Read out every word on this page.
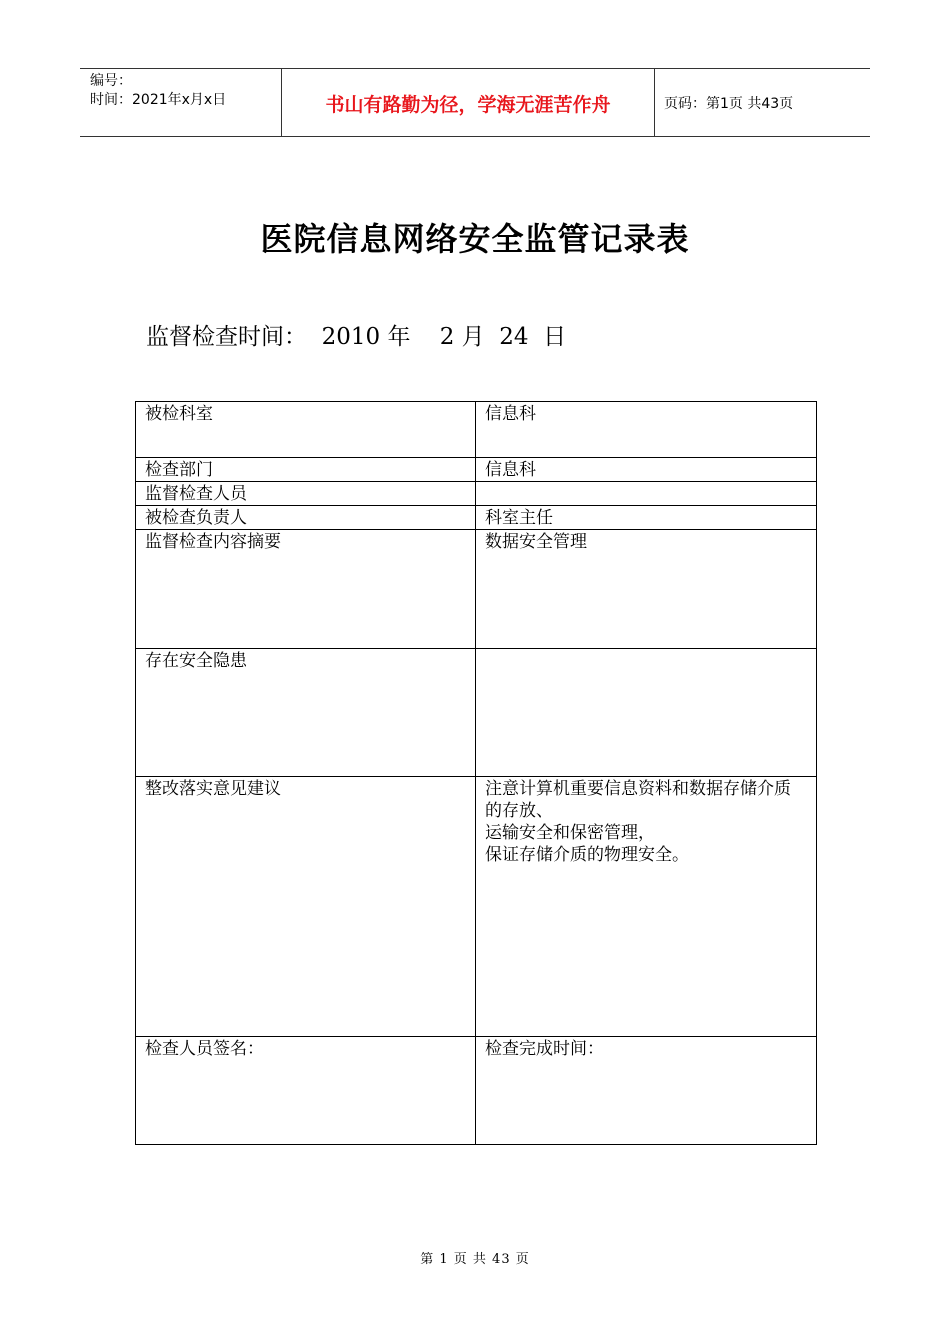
编号：
时间：2021年x月x日	书山有路勤为径，学海无涯苦作舟	页码：第1页 共43页
医院信息网络安全监管记录表
监督检查时间：  2010 年    2 月  24  日
被检科室	信息科
检查部门	信息科
监督检查人员	
被检查负责人	科室主任
监督检查内容摘要	数据安全管理
存在安全隐患	
整改落实意见建议	注意计算机重要信息资料和数据存储介质的存放、
运输安全和保密管理，
保证存储介质的物理安全。
检查人员签名：	检查完成时间：
第 1 页 共 43 页
